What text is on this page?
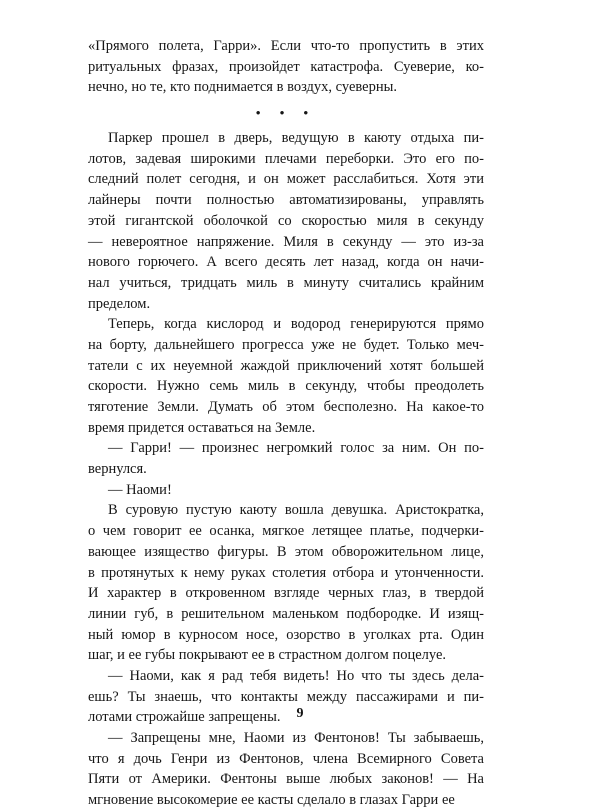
«Прямого полета, Гарри». Если что-то пропустить в этих
ритуальных фразах, произойдет катастрофа. Суеверие, ко-
нечно, но те, кто поднимается в воздух, суеверны.
• • •
Паркер прошел в дверь, ведущую в каюту отдыха пи-
лотов, задевая широкими плечами переборки. Это его по-
следний полет сегодня, и он может расслабиться. Хотя эти
лайнеры почти полностью автоматизированы, управлять
этой гигантской оболочкой со скоростью миля в секунду
— невероятное напряжение. Миля в секунду — это из-за
нового горючего. А всего десять лет назад, когда он начи-
нал учиться, тридцать миль в минуту считались крайним
пределом.
Теперь, когда кислород и водород генерируются прямо
на борту, дальнейшего прогресса уже не будет. Только меч-
татели с их неуемной жаждой приключений хотят большей
скорости. Нужно семь миль в секунду, чтобы преодолеть
тяготение Земли. Думать об этом бесполезно. На какое-то
время придется оставаться на Земле.
— Гарри! — произнес негромкий голос за ним. Он по-
вернулся.
— Наоми!
В суровую пустую каюту вошла девушка. Аристократка,
о чем говорит ее осанка, мягкое летящее платье, подчерки-
вающее изящество фигуры. В этом обворожительном лице,
в протянутых к нему руках столетия отбора и утонченности.
И характер в откровенном взгляде черных глаз, в твердой
линии губ, в решительном маленьком подбородке. И изящ-
ный юмор в курносом носе, озорство в уголках рта. Один
шаг, и ее губы покрывают ее в страстном долгом поцелуе.
— Наоми, как я рад тебя видеть! Но что ты здесь дела-
ешь? Ты знаешь, что контакты между пассажирами и пи-
лотами строжайше запрещены.
— Запрещены мне, Наоми из Фентонов! Ты забываешь,
что я дочь Генри из Фентонов, члена Всемирного Совета
Пяти от Америки. Фентоны выше любых законов! — На
мгновение высокомерие ее касты сделало в глазах Гарри ее
9
